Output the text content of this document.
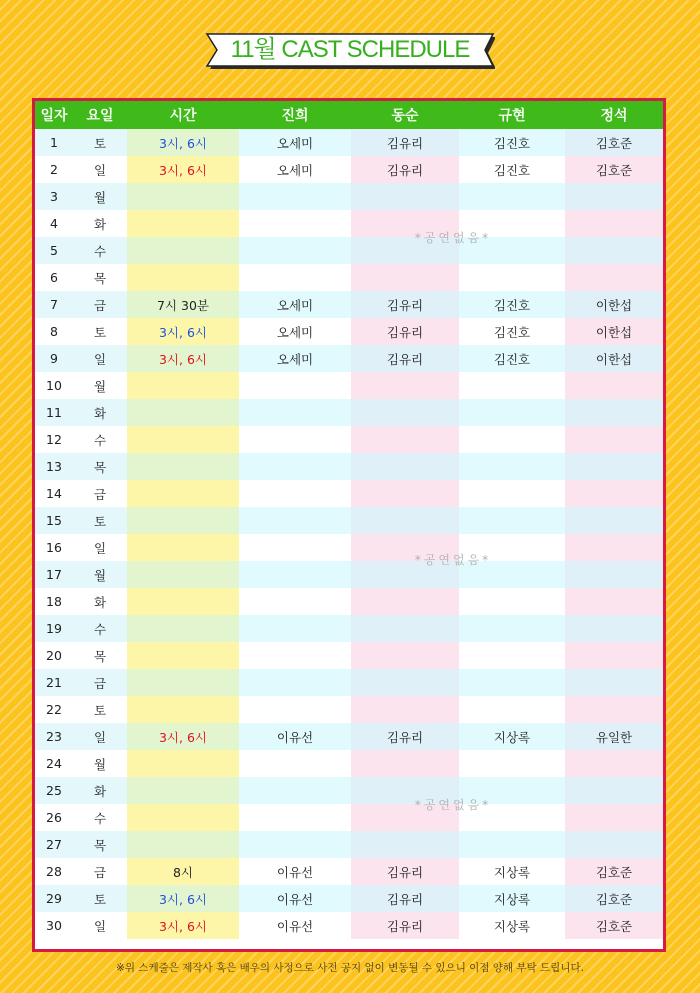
11월 CAST SCHEDULE
일자	요일	시간	진희	동순	규현	정석
1	토	3시, 6시	오세미	김유리	김진호	김호준
2	일	3시, 6시	오세미	김유리	김진호	김호준
3	월					
4	화					
5	수					
6	목					
7	금	7시 30분	오세미	김유리	김진호	이한섭
8	토	3시, 6시	오세미	김유리	김진호	이한섭
9	일	3시, 6시	오세미	김유리	김진호	이한섭
10	월					
11	화					
12	수					
13	목					
14	금					
15	토					
16	일					
17	월					
18	화					
19	수					
20	목					
21	금					
22	토					
23	일	3시, 6시	이유선	김유리	지상록	유일한
24	월					
25	화					
26	수					
27	목					
28	금	8시	이유선	김유리	지상록	김호준
29	토	3시, 6시	이유선	김유리	지상록	김호준
30	일	3시, 6시	이유선	김유리	지상록	김호준
*공연없음*
*공연없음*
*공연없음*
※위 스케줄은 제작사 혹은 배우의 사정으로 사전 공지 없이 변동될 수 있으니 이점 양해 부탁 드립니다.
